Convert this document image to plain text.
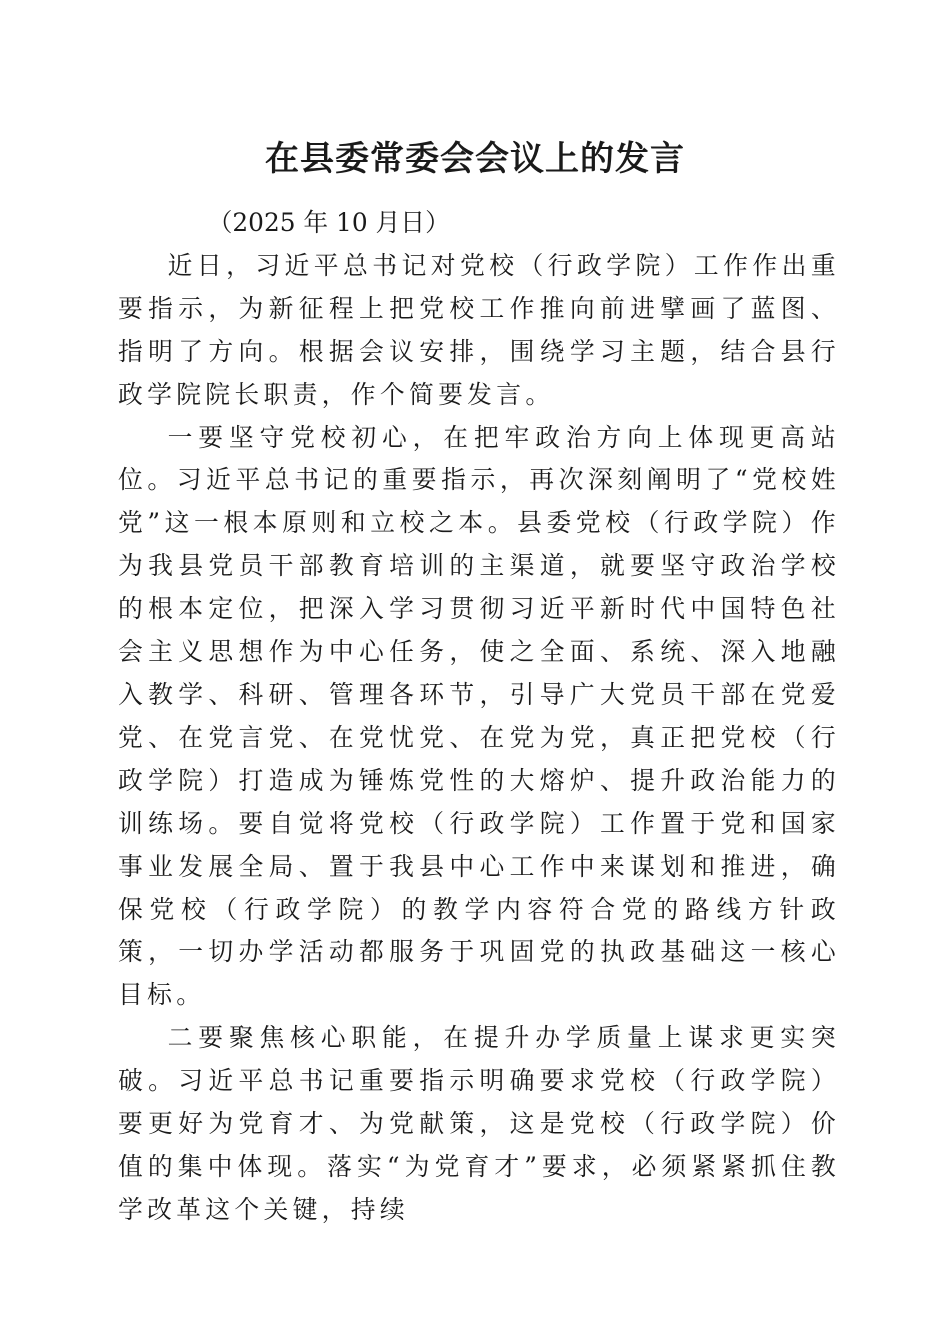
在县委常委会会议上的发言

（2025 年 10 月日）

近日，习近平总书记对党校（行政学院）工作作出重要指示，为新征程上把党校工作推向前进擘画了蓝图、指明了方向。根据会议安排，围绕学习主题，结合县行政学院院长职责，作个简要发言。

一要坚守党校初心，在把牢政治方向上体现更高站位。习近平总书记的重要指示，再次深刻阐明了“党校姓党”这一根本原则和立校之本。县委党校（行政学院）作为我县党员干部教育培训的主渠道，就要坚守政治学校的根本定位，把深入学习贯彻习近平新时代中国特色社会主义思想作为中心任务，使之全面、系统、深入地融入教学、科研、管理各环节，引导广大党员干部在党爱党、在党言党、在党忧党、在党为党，真正把党校（行政学院）打造成为锤炼党性的大熔炉、提升政治能力的训练场。要自觉将党校（行政学院）工作置于党和国家事业发展全局、置于我县中心工作中来谋划和推进，确保党校（行政学院）的教学内容符合党的路线方针政策，一切办学活动都服务于巩固党的执政基础这一核心目标。

二要聚焦核心职能，在提升办学质量上谋求更实突破。习近平总书记重要指示明确要求党校（行政学院）要更好为党育才、为党献策，这是党校（行政学院）价值的集中体现。落实“为党育才”要求，必须紧紧抓住教学改革这个关键，持续
